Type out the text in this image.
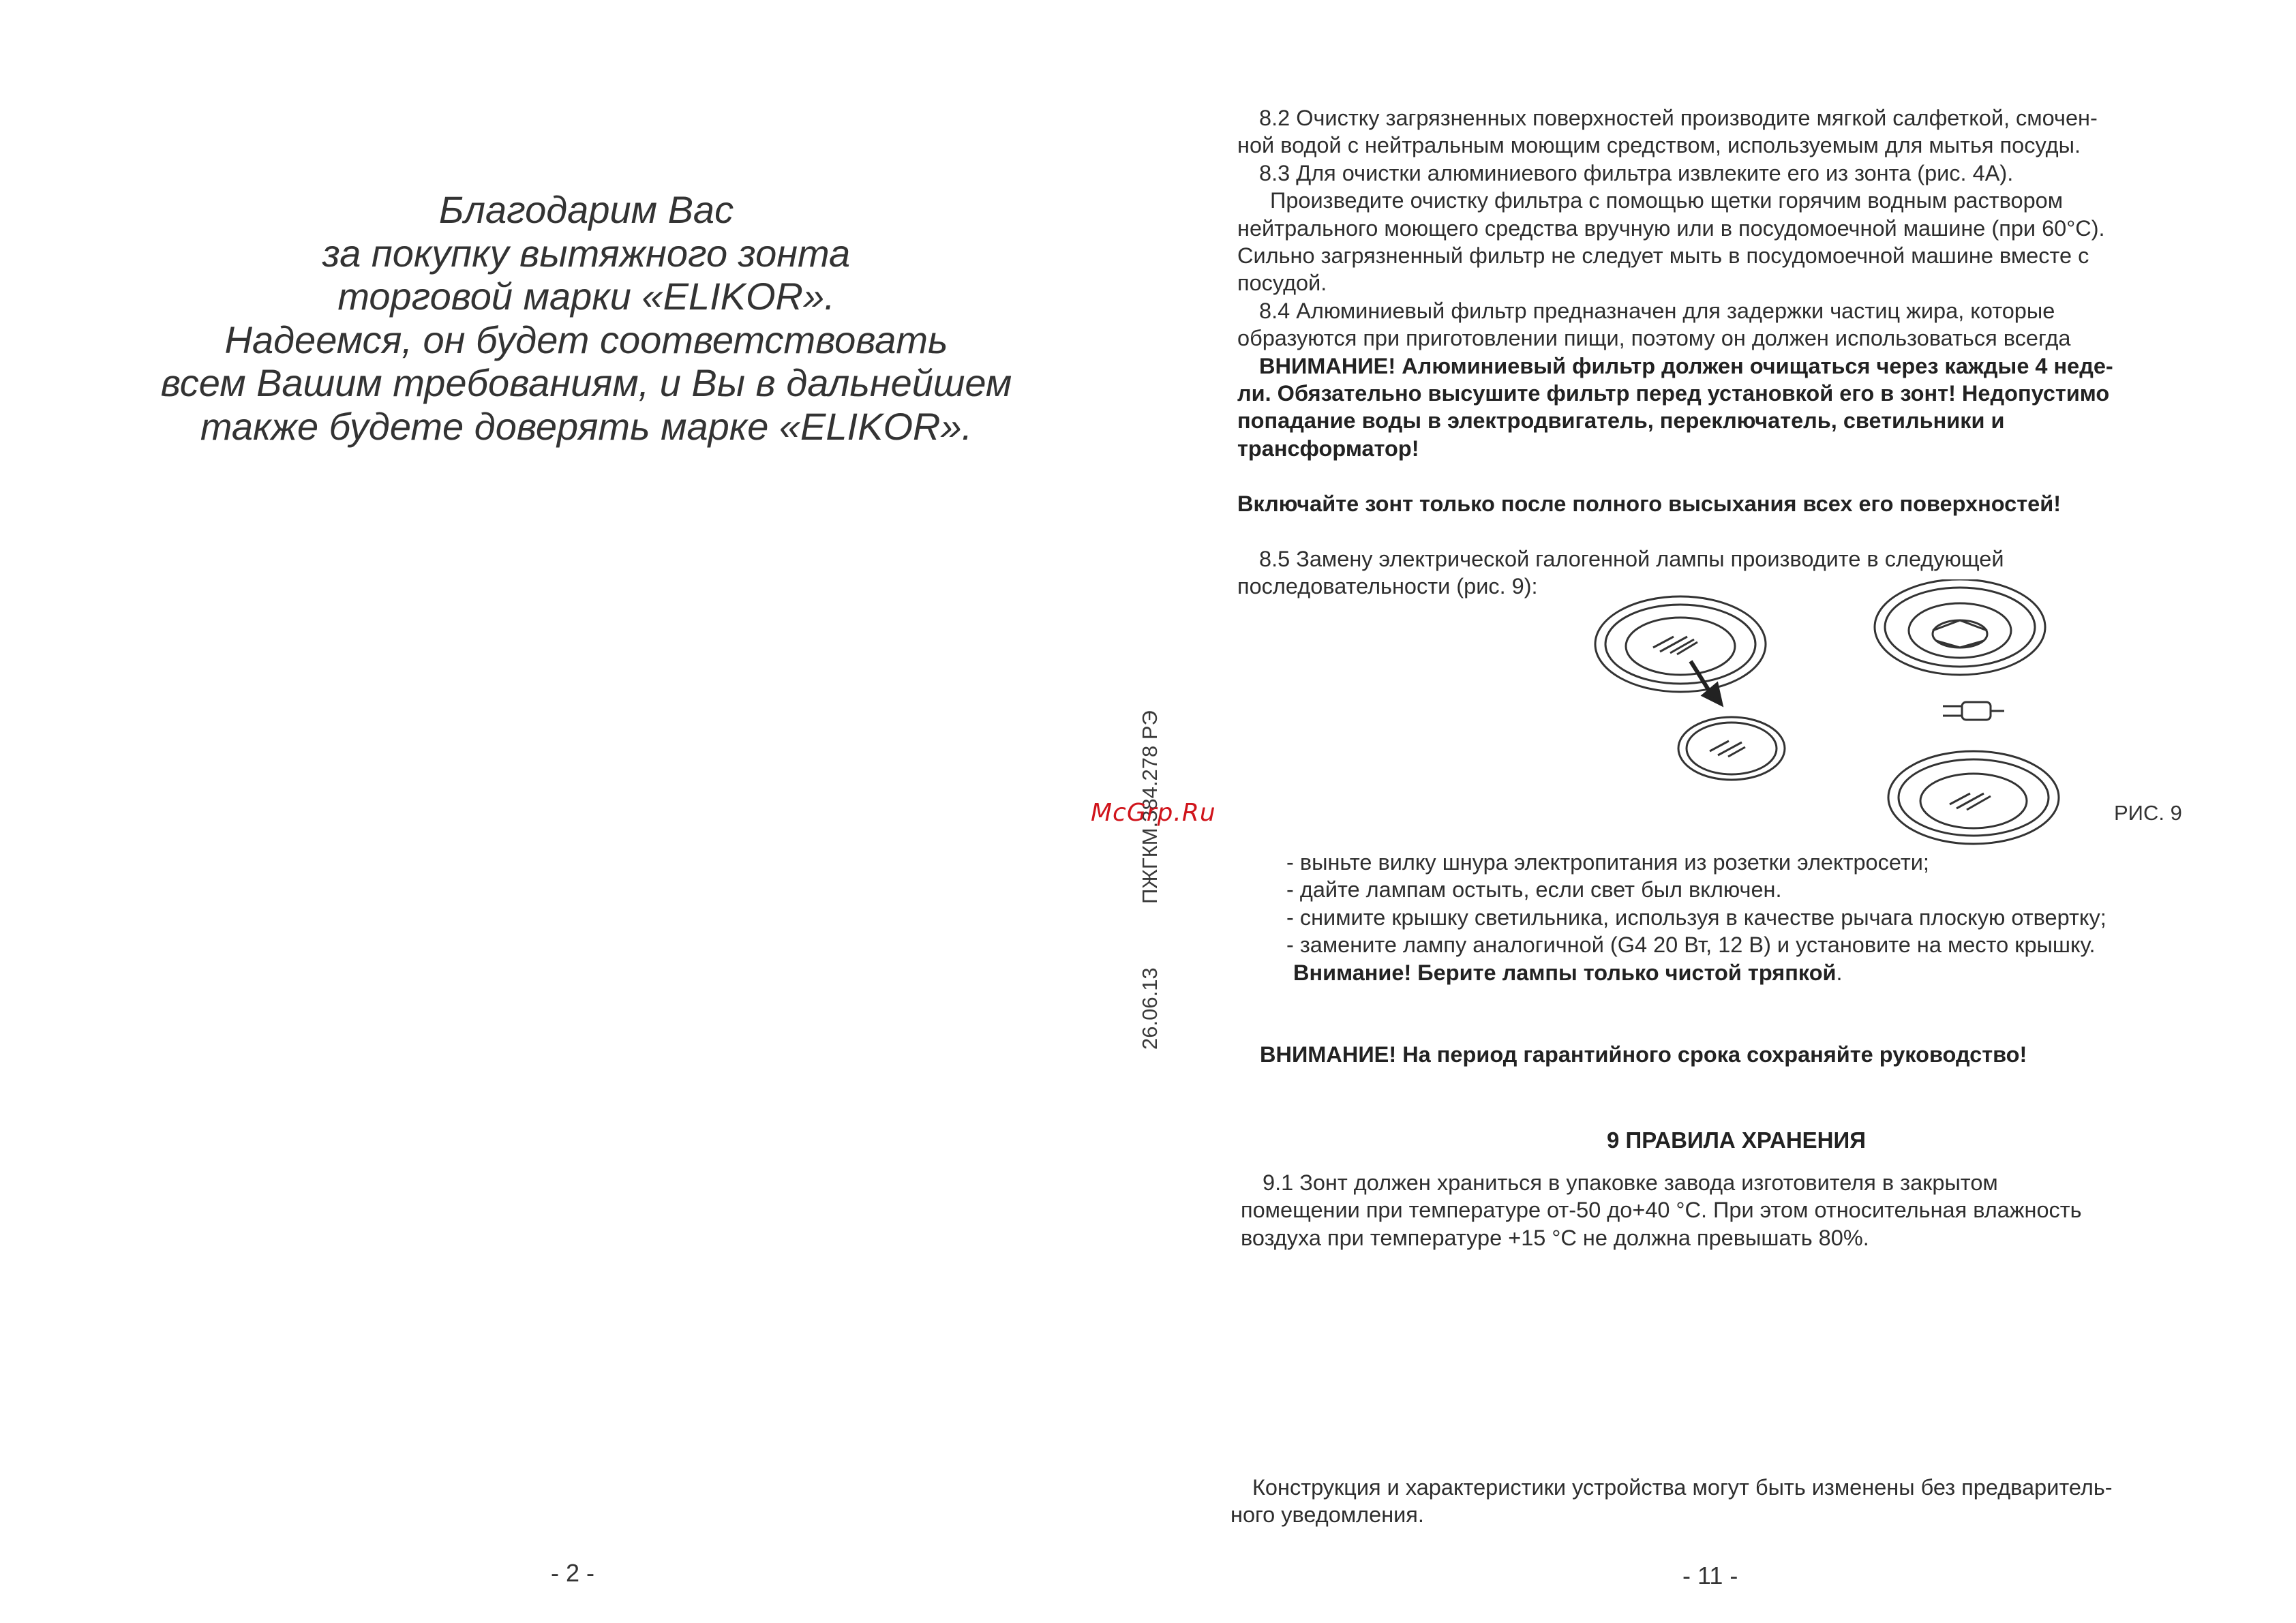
Благодарим Вас
за покупку вытяжного зонта
торговой марки «ELIKOR».
Надеемся, он будет соответствовать
всем Вашим требованиям, и Вы в дальнейшем
также будете доверять марке «ELIKOR».
- 2 -
ПЖГКМ.384.278 РЭ
26.06.13
McGrp.Ru

8.2 Очистку загрязненных поверхностей производите мягкой салфеткой, смочен-

ной водой с нейтральным моющим средством, используемым для мытья посуды.

8.3 Для очистки алюминиевого фильтра извлеките его из зонта (рис. 4А).

Произведите очистку фильтра с помощью щетки горячим водным раствором

нейтрального моющего средства вручную или в посудомоечной машине (при 60°С).

Сильно загрязненный фильтр не следует мыть в посудомоечной машине вместе с

посудой.

8.4 Алюминиевый фильтр предназначен для задержки частиц жира, которые

образуются при приготовлении пищи, поэтому он должен использоваться всегда

ВНИМАНИЕ! Алюминиевый фильтр должен очищаться через каждые 4 неде-

ли. Обязательно высушите фильтр перед установкой его в зонт! Недопустимо

попадание воды в электродвигатель, переключатель, светильники и

трансформатор!

Включайте зонт только после полного высыхания всех его поверхностей!

8.5 Замену электрической галогенной лампы производите в следующей

последовательности (рис. 9):

РИС. 9

- выньте вилку шнура электропитания из розетки электросети;

- дайте лампам остыть, если свет был включен.

- снимите крышку светильника, используя в качестве рычага плоскую отвертку;

- замените лампу аналогичной (G4 20 Вт, 12 В) и установите на место крышку.

Внимание! Берите лампы только чистой тряпкой.

ВНИМАНИЕ! На период гарантийного срока сохраняйте руководство!

9 ПРАВИЛА ХРАНЕНИЯ

9.1 Зонт должен храниться в упаковке завода изготовителя в закрытом

помещении при температуре от-50 до+40 °С. При этом относительная влажность

воздуха при температуре +15 °С не должна превышать 80%.

Конструкция и характеристики устройства могут быть изменены без предваритель-

ного уведомления.

- 11 -
